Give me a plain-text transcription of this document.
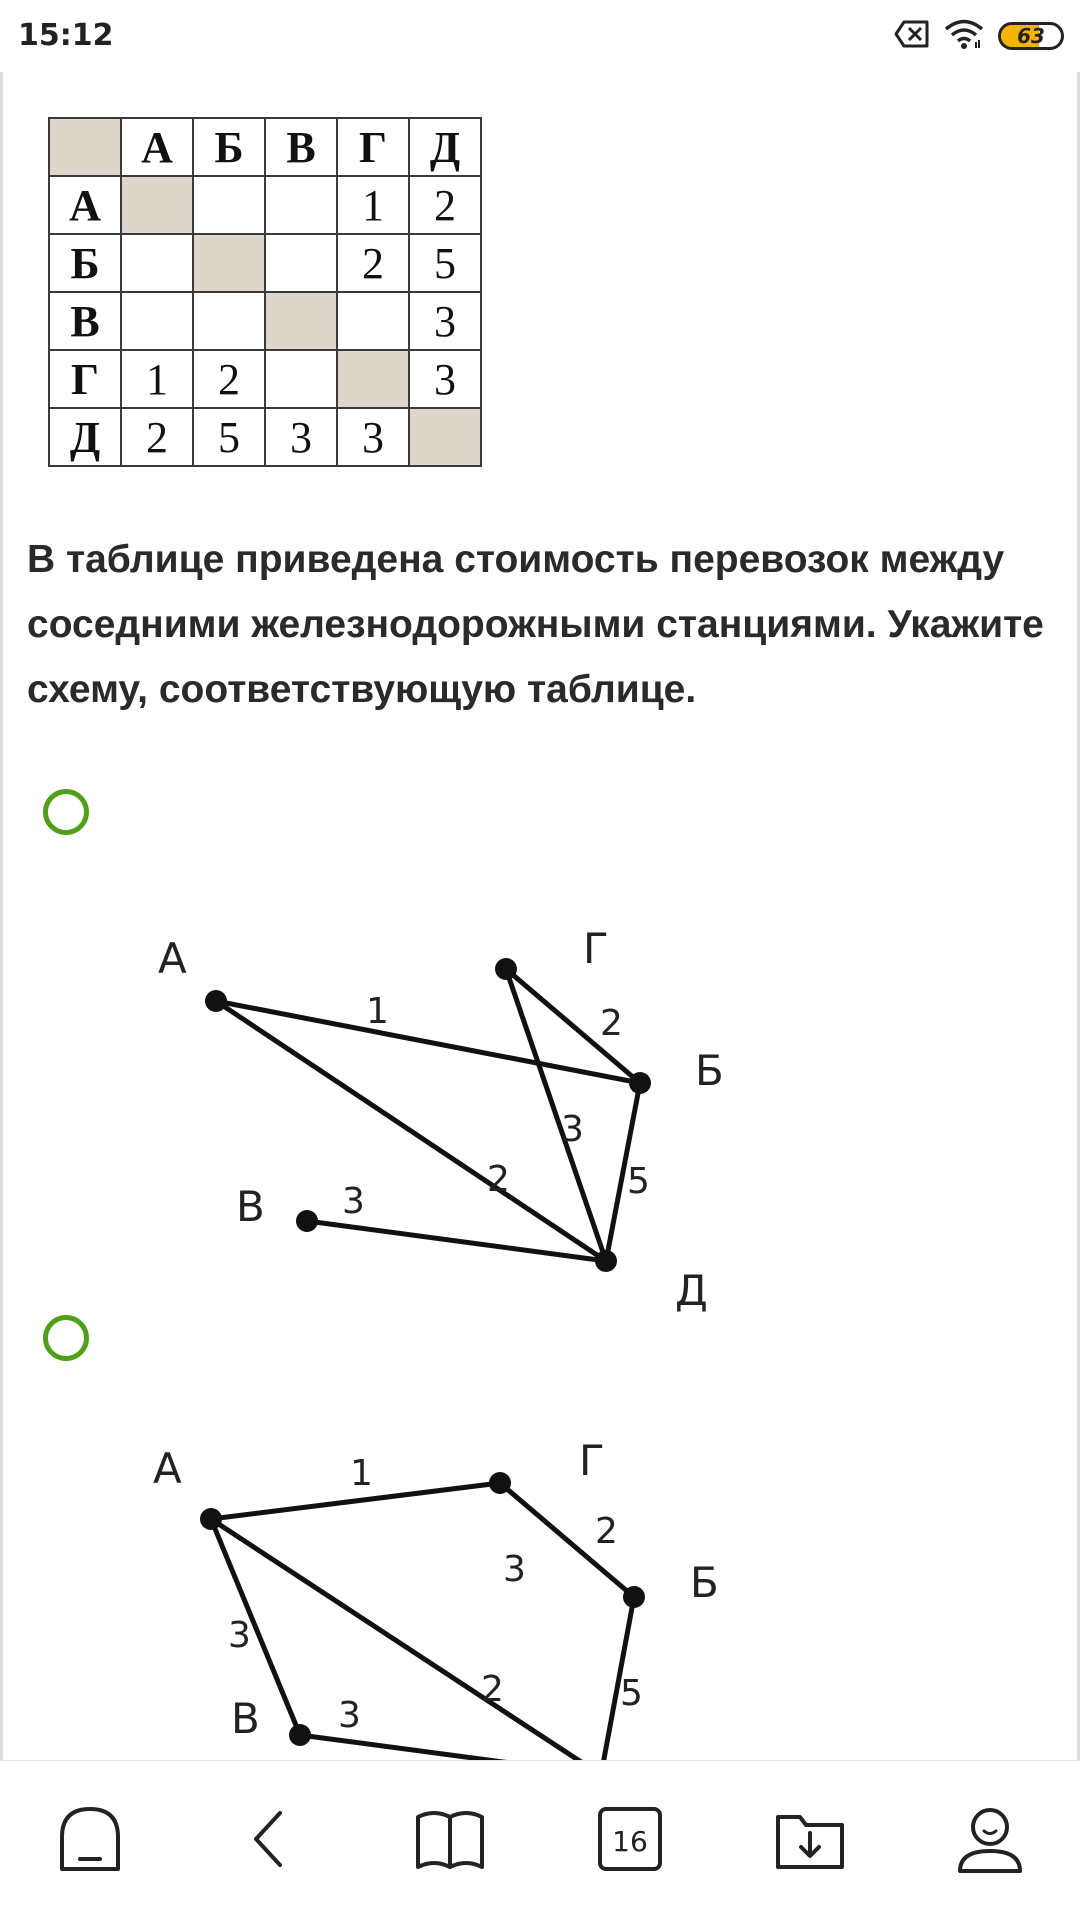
15:12	63
	А	Б	В	Г	Д
А				1	2
Б				2	5
В					3
Г	1	2			3
Д	2	5	3	3	
В таблице приведена стоимость перевозок между соседними железнодорожными станциями. Укажите схему, соответствующую таблице.
А	Г
Б
В
Д
1	2
3
2	5
3
А	Г
Б
В
1
2
3
3
3
2	5
16
